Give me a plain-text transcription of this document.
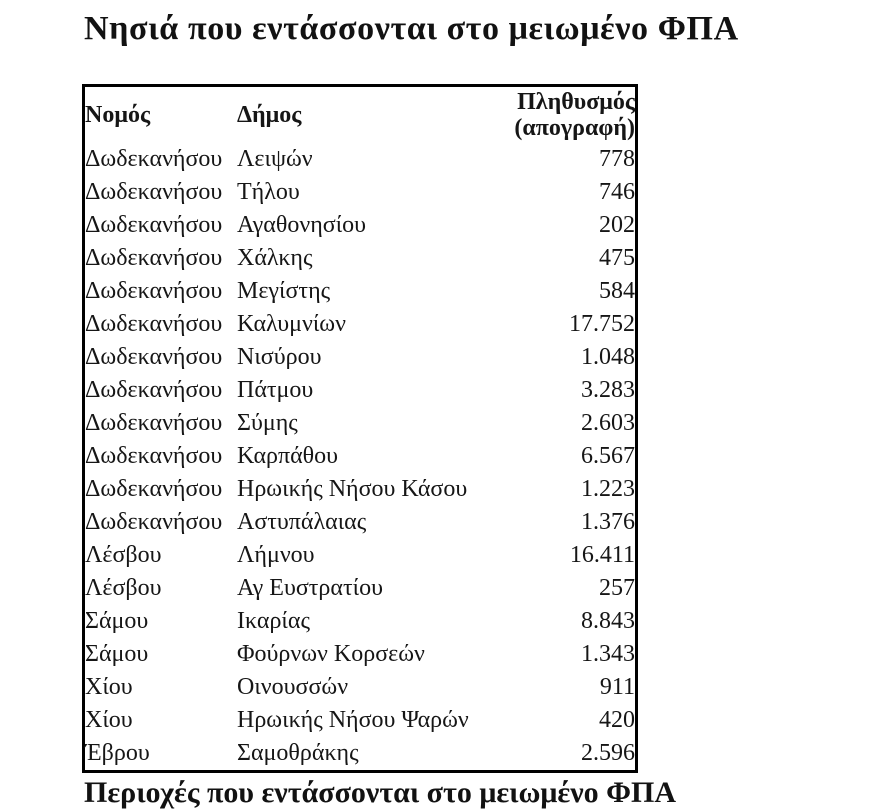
Νησιά που εντάσσονται στο μειωμένο ΦΠΑ
Νομός	Δήμος	Πληθυσμός
(απογραφή)

Δωδεκανήσου	Λειψών	778
Δωδεκανήσου	Τήλου	746
Δωδεκανήσου	Αγαθονησίου	202
Δωδεκανήσου	Χάλκης	475
Δωδεκανήσου	Μεγίστης	584
Δωδεκανήσου	Καλυμνίων	17.752
Δωδεκανήσου	Νισύρου	1.048
Δωδεκανήσου	Πάτμου	3.283
Δωδεκανήσου	Σύμης	2.603
Δωδεκανήσου	Καρπάθου	6.567
Δωδεκανήσου	Ηρωικής Νήσου Κάσου	1.223
Δωδεκανήσου	Αστυπάλαιας	1.376
Λέσβου	Λήμνου	16.411
Λέσβου	Αγ Ευστρατίου	257
Σάμου	Ικαρίας	8.843
Σάμου	Φούρνων Κορσεών	1.343
Χίου	Οινουσσών	911
Χίου	Ηρωικής Νήσου Ψαρών	420
Έβρου	Σαμοθράκης	2.596

Περιοχές που εντάσσονται στο μειωμένο ΦΠΑ
